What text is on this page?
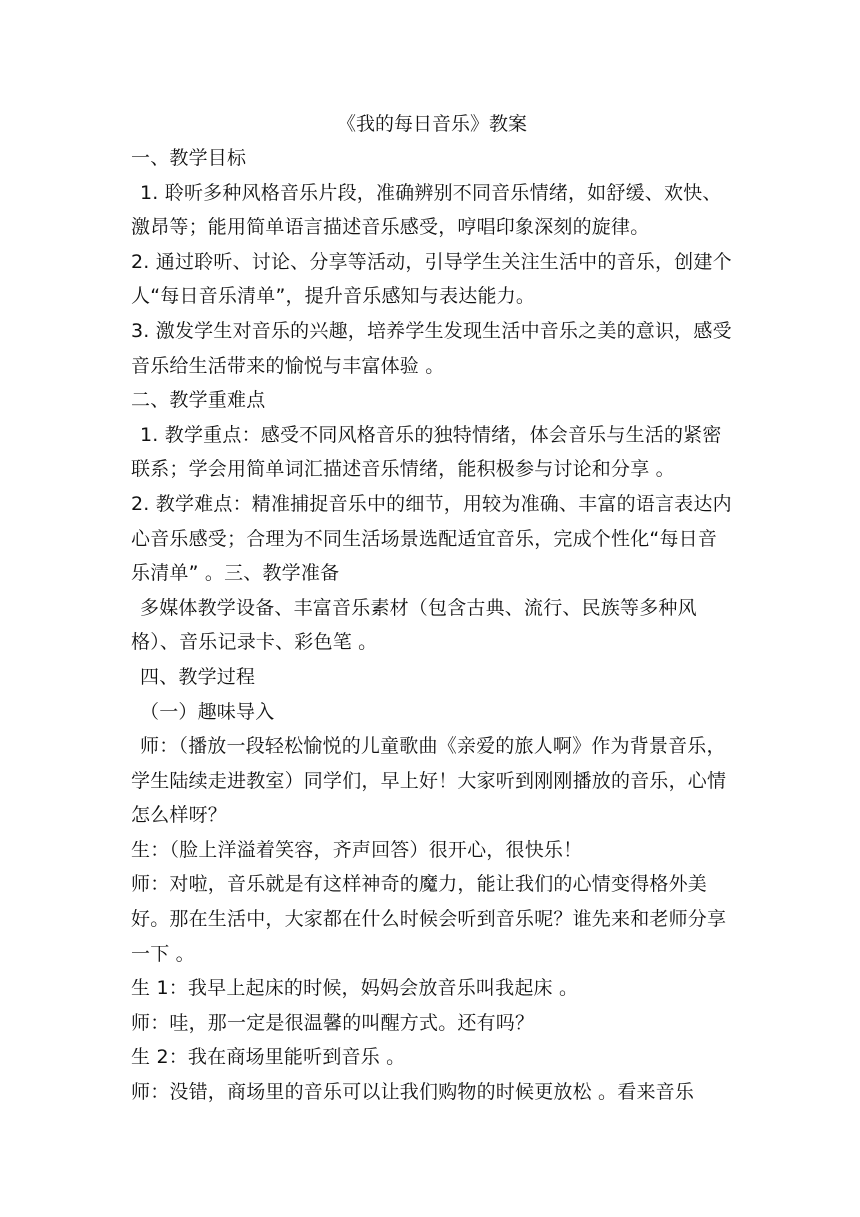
《我的每日音乐》教案

一、教学目标

1. 聆听多种风格音乐片段，准确辨别不同音乐情绪，如舒缓、欢快、激昂等；能用简单语言描述音乐感受，哼唱印象深刻的旋律。

2. 通过聆听、讨论、分享等活动，引导学生关注生活中的音乐，创建个人“每日音乐清单”，提升音乐感知与表达能力。

3. 激发学生对音乐的兴趣，培养学生发现生活中音乐之美的意识，感受音乐给生活带来的愉悦与丰富体验 。

二、教学重难点

1. 教学重点：感受不同风格音乐的独特情绪，体会音乐与生活的紧密联系；学会用简单词汇描述音乐情绪，能积极参与讨论和分享 。

2. 教学难点：精准捕捉音乐中的细节，用较为准确、丰富的语言表达内心音乐感受；合理为不同生活场景选配适宜音乐，完成个性化“每日音乐清单” 。三、教学准备

多媒体教学设备、丰富音乐素材（包含古典、流行、民族等多种风格）、音乐记录卡、彩色笔 。

四、教学过程

（一）趣味导入

师：（播放一段轻松愉悦的儿童歌曲《亲爱的旅人啊》作为背景音乐，学生陆续走进教室）同学们，早上好！大家听到刚刚播放的音乐，心情怎么样呀？

生：（脸上洋溢着笑容，齐声回答）很开心，很快乐！

师：对啦，音乐就是有这样神奇的魔力，能让我们的心情变得格外美好。那在生活中，大家都在什么时候会听到音乐呢？谁先来和老师分享一下 。

生 1：我早上起床的时候，妈妈会放音乐叫我起床 。

师：哇，那一定是很温馨的叫醒方式。还有吗？

生 2：我在商场里能听到音乐 。

师：没错，商场里的音乐可以让我们购物的时候更放松 。看来音乐
